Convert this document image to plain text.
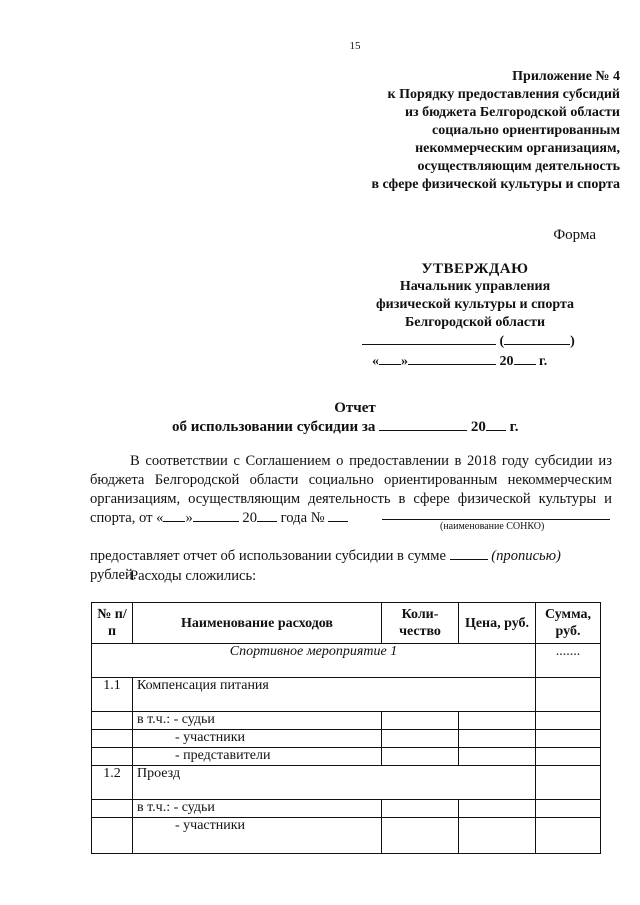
15
Приложение № 4
к Порядку предоставления субсидий
из бюджета Белгородской области
социально ориентированным
некоммерческим организациям,
осуществляющим деятельность
в сфере физической культуры и спорта
Форма
УТВЕРЖДАЮ
Начальник управления
физической культуры и спорта
Белгородской области
(	)
« »	20 г.
Отчет
об использовании субсидии за	20 г.

В соответствии с Соглашением о предоставлении в 2018 году субсидии из бюджета Белгородской области социально ориентированным некоммерческим организациям, осуществляющим деятельность в сфере физической культуры и спорта, от « »	20 года №

предоставляет отчет об использовании субсидии в сумме	(прописью)

рублей.

(наименование СОНКО)
Расходы сложились:
№ п/п	Наименование расходов	Коли-чество	Цена, руб.	Сумма, руб.
Спортивное мероприятие 1				.......
1.1	Компенсация питания			
	в т.ч.: - судьи			
	- участники			
	- представители			
1.2	Проезд			
	в т.ч.: - судьи			
	- участники			
